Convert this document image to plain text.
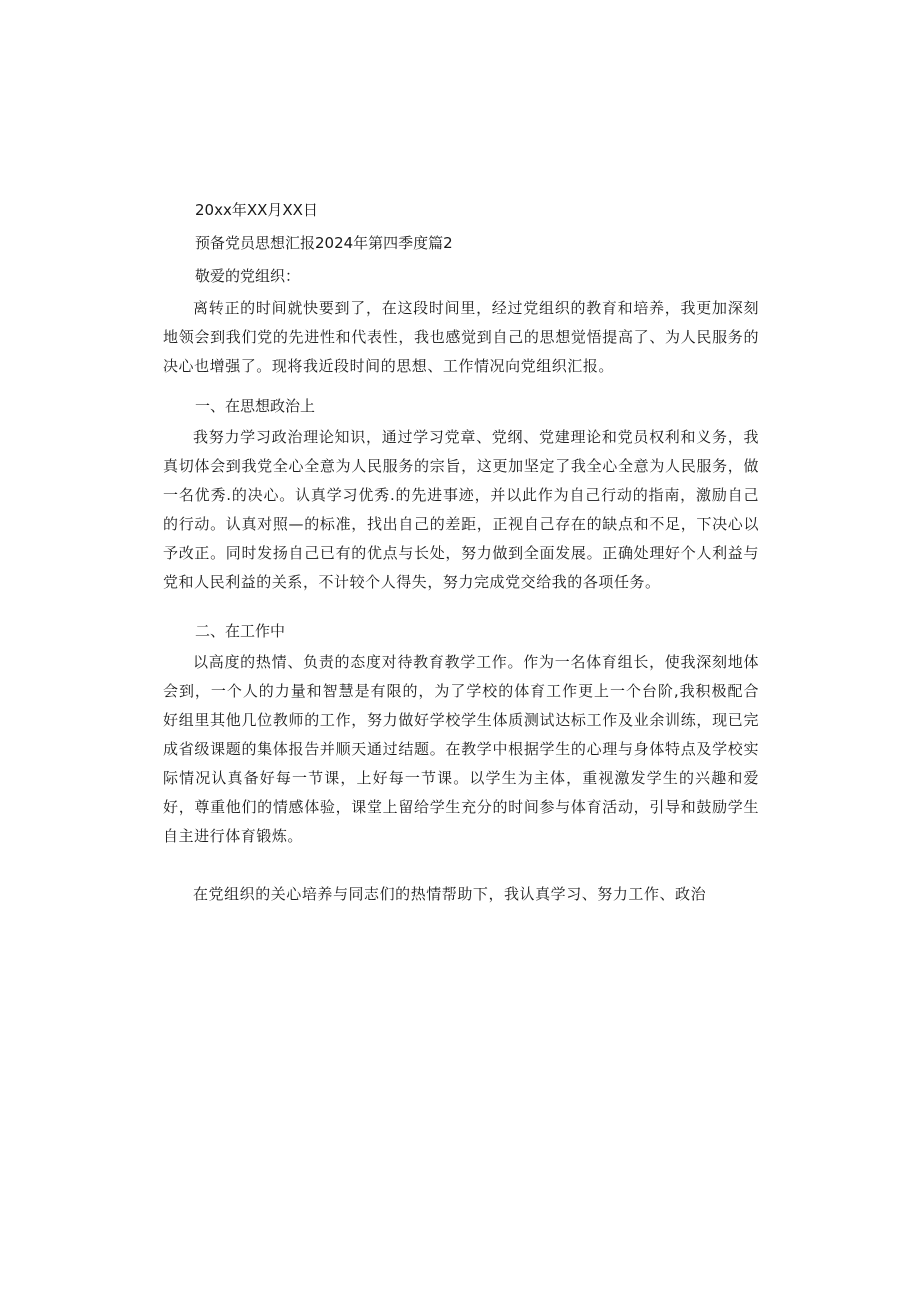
20xx年XX月XX日

预备党员思想汇报2024年第四季度篇2

敬爱的党组织：

离转正的时间就快要到了，在这段时间里，经过党组织的教育和培养，我更加深刻地领会到我们党的先进性和代表性，我也感觉到自己的思想觉悟提高了、为人民服务的决心也增强了。现将我近段时间的思想、工作情况向党组织汇报。

一、在思想政治上

我努力学习政治理论知识，通过学习党章、党纲、党建理论和党员权利和义务，我真切体会到我党全心全意为人民服务的宗旨，这更加坚定了我全心全意为人民服务，做一名优秀.的决心。认真学习优秀.的先进事迹，并以此作为自己行动的指南，激励自己的行动。认真对照—的标准，找出自己的差距，正视自己存在的缺点和不足，下决心以予改正。同时发扬自己已有的优点与长处，努力做到全面发展。正确处理好个人利益与党和人民利益的关系，不计较个人得失，努力完成党交给我的各项任务。

二、在工作中

以高度的热情、负责的态度对待教育教学工作。作为一名体育组长，使我深刻地体会到，一个人的力量和智慧是有限的，为了学校的体育工作更上一个台阶,我积极配合好组里其他几位教师的工作，努力做好学校学生体质测试达标工作及业余训练，现已完成省级课题的集体报告并顺天通过结题。在教学中根据学生的心理与身体特点及学校实际情况认真备好每一节课，上好每一节课。以学生为主体，重视激发学生的兴趣和爱好，尊重他们的情感体验，课堂上留给学生充分的时间参与体育活动，引导和鼓励学生自主进行体育锻炼。

在党组织的关心培养与同志们的热情帮助下，我认真学习、努力工作、政治
